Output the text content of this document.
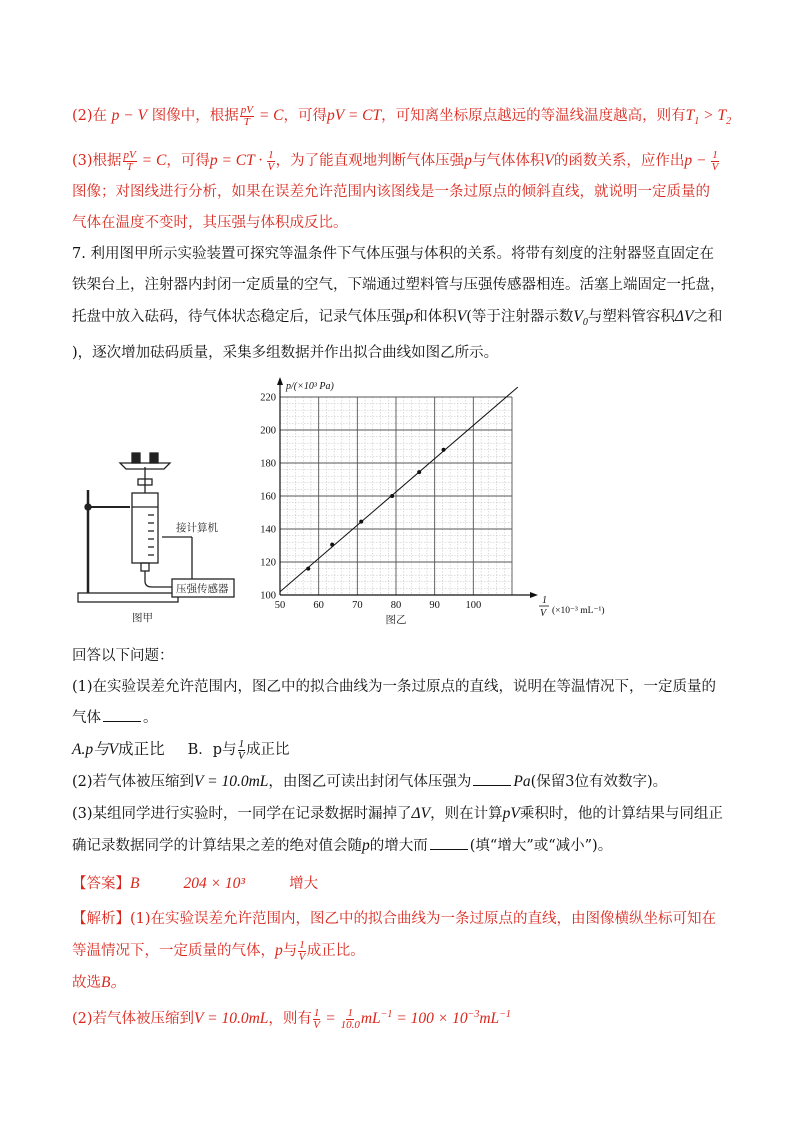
(2)在 p − V 图像中，根据 $\frac{pV}{T} = C$，可得pV = CT，可知离坐标原点越远的等温线温度越高，则有$T_1 > T_2$

(3)根据 $\frac{pV}{T} = C$，可得p = CT · $\frac{1}{V}$ ，为了能直观地判断气体压强p与气体体积V的函数关系，应作出$p - \frac{1}{V}$

图像；对图线进行分析，如果在误差允许范围内该图线是一条过原点的倾斜直线，就说明一定质量的
气体在温度不变时，其压强与体积成反比。

7. 利用图甲所示实验装置可探究等温条件下气体压强与体积的关系。将带有刻度的注射器竖直固定在
铁架台上，注射器内封闭一定质量的空气，下端通过塑料管与压强传感器相连。活塞上端固定一托盘，
托盘中放入砝码，待气体状态稳定后，记录气体压强p和体积V(等于注射器示数$V_0$与塑料管容积ΔV之和
)，逐次增加砝码质量，采集多组数据并作出拟合曲线如图乙所示。

压强传感器
接计算机
图甲
50	60	70	80	90 100
100
120
140
160
180
200
220
p/(×10³ Pa)
1
V (×10⁻³ mL⁻¹)
图乙

回答以下问题：
(1)在实验误差允许范围内，图乙中的拟合曲线为一条过原点的直线，说明在等温情况下，一定质量的
气体	。
A.p与V成正比 B．p与 $\frac{1}{V}$ 成正比
(2)若气体被压缩到V = 10.0mL，由图乙可读出封闭气体压强为	Pa(保留3位有效数字)。
(3)某组同学进行实验时，一同学在记录数据时漏掉了ΔV，则在计算pV乘积时，他的计算结果与同组正
确记录数据同学的计算结果之差的绝对值会随p的增大而	(填“增大”或“减小”)。

【答案】B	204 × 10³	增大

【解析】(1)在实验误差允许范围内，图乙中的拟合曲线为一条过原点的直线，由图像横纵坐标可知在
等温情况下，一定质量的气体，p与 $\frac{1}{V}$ 成正比。
故选B。
(2)若气体被压缩到V = 10.0mL，则有 $\frac{1}{V} = \frac{1}{10.0} mL^{-1} = 100 \times 10^{-3}mL^{-1}$
